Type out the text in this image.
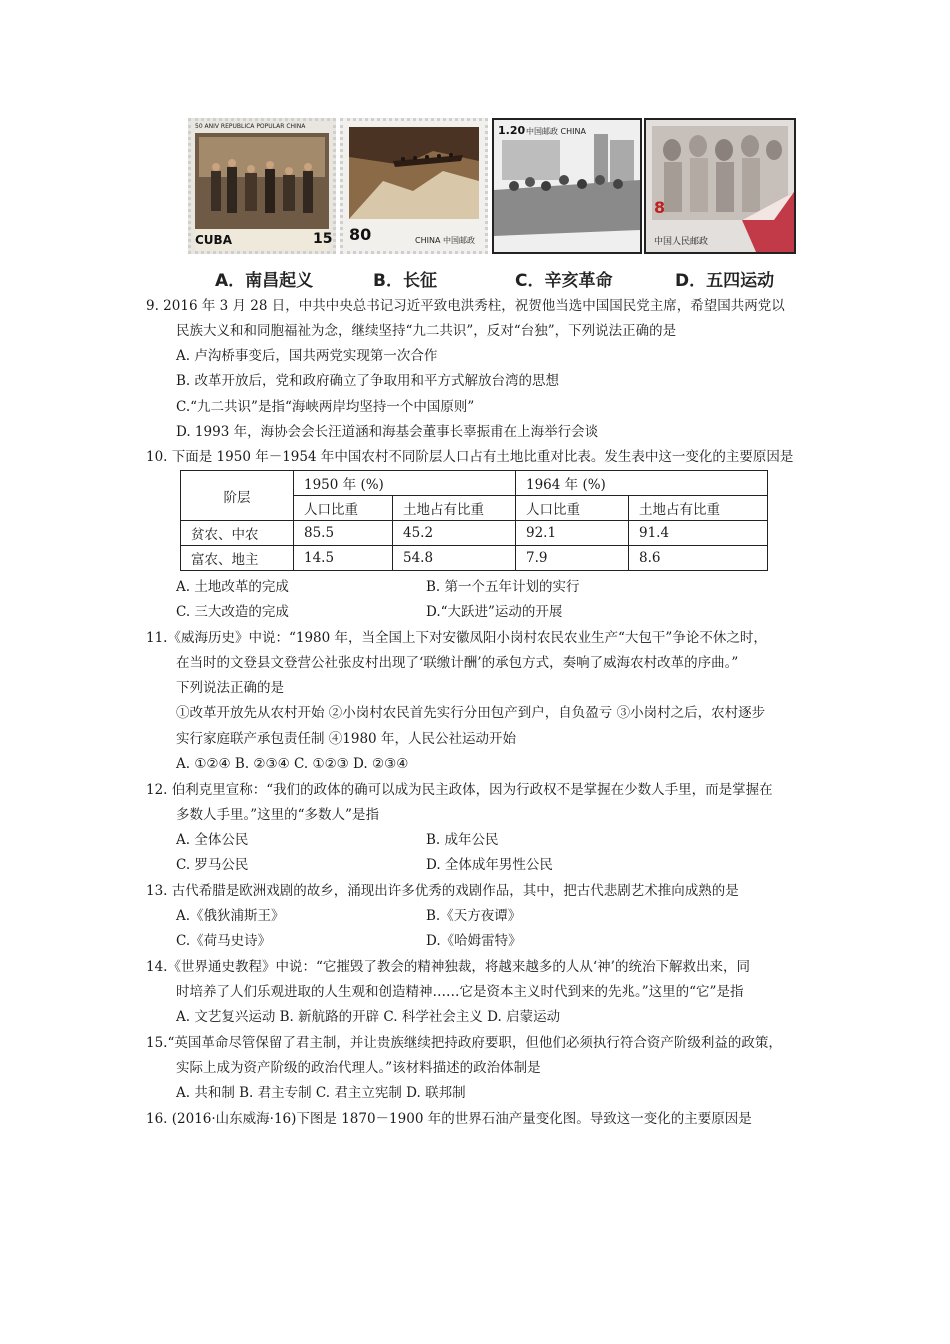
50 ANIV REPUBLICA POPULAR CHINA
CUBA	15 80	CHINA 中国邮政
1.20 中国邮政 CHINA
8
中国人民邮政
A．南昌起义	B．长征	C．辛亥革命	D．五四运动
9. 2016 年 3 月 28 日，中共中央总书记习近平致电洪秀柱，祝贺他当选中国国民党主席，希望国共两党以
民族大义和和同胞福祉为念，继续坚持“九二共识”，反对“台独”，下列说法正确的是
A. 卢沟桥事变后，国共两党实现第一次合作
B. 改革开放后，党和政府确立了争取用和平方式解放台湾的思想
C.“九二共识”是指“海峡两岸均坚持一个中国原则”
D. 1993 年，海协会会长汪道涵和海基会董事长辜振甫在上海举行会谈
10. 下面是 1950 年－1954 年中国农村不同阶层人口占有土地比重对比表。发生表中这一变化的主要原因是
阶层	1950 年 (%)		1964 年 (%)	
	人口比重	土地占有比重	人口比重	土地占有比重
贫农、中农	85.5	45.2	92.1	91.4
富农、地主	14.5	54.8	7.9	8.6
A. 土地改革的完成	B. 第一个五年计划的实行
C. 三大改造的完成	D.“大跃进”运动的开展
11.《威海历史》中说：“1980 年，当全国上下对安徽凤阳小岗村农民农业生产“大包干”争论不休之时，
在当时的文登县文登营公社张皮村出现了‘联缴计酬’的承包方式，奏响了威海农村改革的序曲。”
下列说法正确的是
①改革开放先从农村开始 ②小岗村农民首先实行分田包产到户，自负盈亏 ③小岗村之后，农村逐步
实行家庭联产承包责任制 ④1980 年，人民公社运动开始
A. ①②④ B. ②③④ C. ①②③ D. ②③④
12. 伯利克里宣称：“我们的政体的确可以成为民主政体，因为行政权不是掌握在少数人手里，而是掌握在
多数人手里。”这里的“多数人”是指
A. 全体公民	B. 成年公民
C. 罗马公民	D. 全体成年男性公民
13. 古代希腊是欧洲戏剧的故乡，涌现出许多优秀的戏剧作品，其中，把古代悲剧艺术推向成熟的是
A.《俄狄浦斯王》	B.《天方夜谭》
C.《荷马史诗》	D.《哈姆雷特》
14.《世界通史教程》中说：“它摧毁了教会的精神独裁，将越来越多的人从‘神’的统治下解救出来，同
时培养了人们乐观进取的人生观和创造精神……它是资本主义时代到来的先兆。”这里的“它”是指
A. 文艺复兴运动 B. 新航路的开辟 C. 科学社会主义 D. 启蒙运动
15.“英国革命尽管保留了君主制，并让贵族继续把持政府要职，但他们必须执行符合资产阶级利益的政策，
实际上成为资产阶级的政治代理人。”该材料描述的政治体制是
A. 共和制 B. 君主专制 C. 君主立宪制 D. 联邦制
16. (2016·山东威海·16)下图是 1870－1900 年的世界石油产量变化图。导致这一变化的主要原因是
